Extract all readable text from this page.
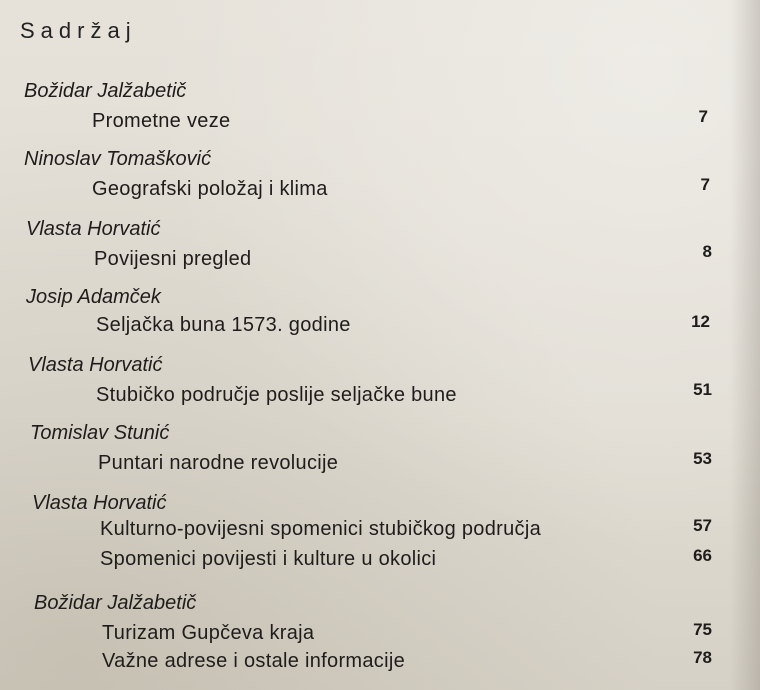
Sadržaj
Božidar Jalžabetič
Prometne veze	7
Ninoslav Tomašković
Geografski položaj i klima	7
Vlasta Horvatić
Povijesni pregled	8
Josip Adamček
Seljačka buna 1573. godine	12
Vlasta Horvatić
Stubičko područje poslije seljačke bune	51
Tomislav Stunić
Puntari narodne revolucije	53
Vlasta Horvatić
Kulturno-povijesni spomenici stubičkog područja	57
Spomenici povijesti i kulture u okolici	66
Božidar Jalžabetič
Turizam Gupčeva kraja	75
Važne adrese i ostale informacije	78
